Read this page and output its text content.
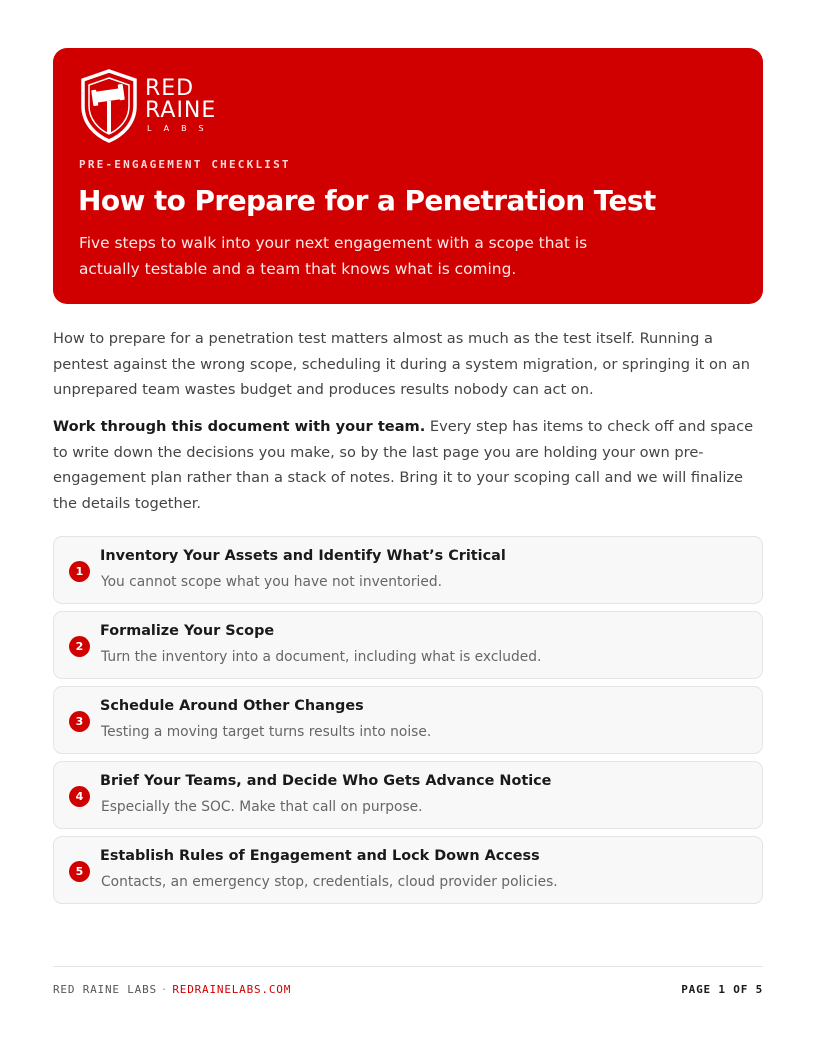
RED
RAINE
LABS
PRE-ENGAGEMENT CHECKLIST
How to Prepare for a Penetration Test
Five steps to walk into your next engagement with a scope that is actually testable and a team that knows what is coming.

How to prepare for a penetration test matters almost as much as the test itself. Running a pentest against the wrong scope, scheduling it during a system migration, or springing it on an unprepared team wastes budget and produces results nobody can act on.

Work through this document with your team. Every step has items to check off and space to write down the decisions you make, so by the last page you are holding your own pre-engagement plan rather than a stack of notes. Bring it to your scoping call and we will finalize the details together.

1
Inventory Your Assets and Identify What’s Critical
You cannot scope what you have not inventoried.
2
Formalize Your Scope
Turn the inventory into a document, including what is excluded.
3
Schedule Around Other Changes
Testing a moving target turns results into noise.
4
Brief Your Teams, and Decide Who Gets Advance Notice
Especially the SOC. Make that call on purpose.
5
Establish Rules of Engagement and Lock Down Access
Contacts, an emergency stop, credentials, cloud provider policies.
RED RAINE LABS · REDRAINELABS.COM	PAGE 1 OF 5
